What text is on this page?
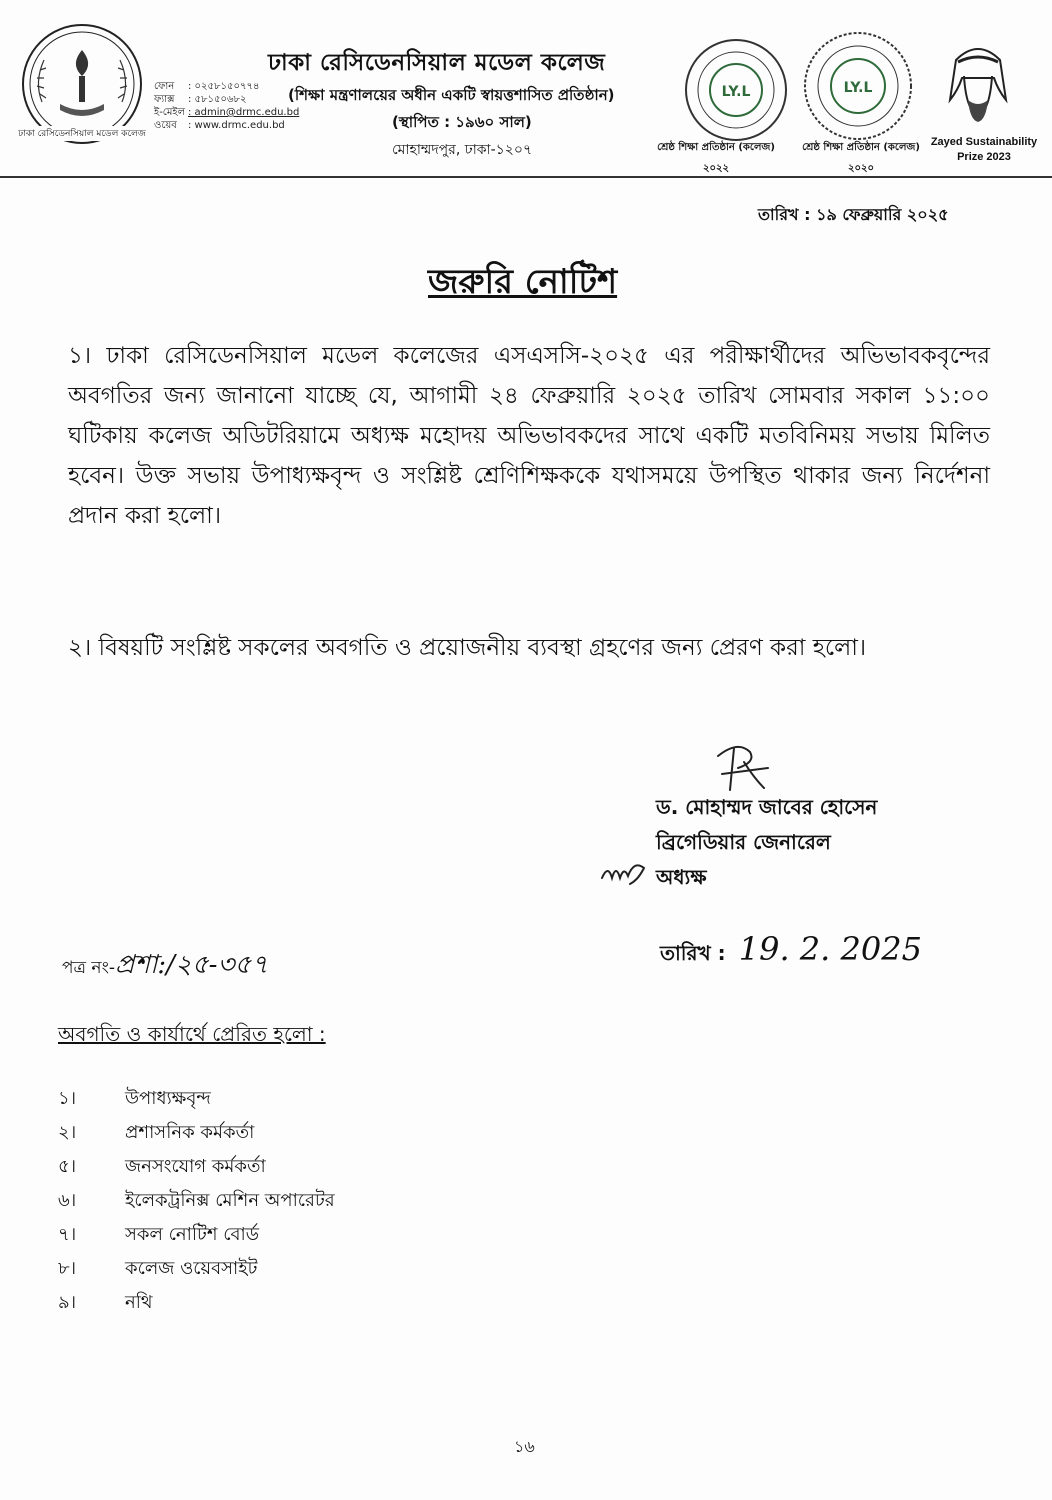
ঢাকা রেসিডেনসিয়াল মডেল কলেজ
ফোন : ০২৫৮১৫০৭৭৪
ফ্যাক্স : ৫৮১৫০৬৮২
ই-মেইল : admin@drmc.edu.bd
ওয়েব : www.drmc.edu.bd
ঢাকা রেসিডেনসিয়াল মডেল কলেজ
(শিক্ষা মন্ত্রণালয়ের অধীন একটি স্বায়ত্তশাসিত প্রতিষ্ঠান)
(স্থাপিত : ১৯৬০ সাল)
মোহাম্মদপুর, ঢাকা-১২০৭
LY.L
শ্রেষ্ঠ শিক্ষা প্রতিষ্ঠান (কলেজ)
২০২২
LY.L
শ্রেষ্ঠ শিক্ষা প্রতিষ্ঠান (কলেজ)
২০২০
Zayed Sustainability
Prize 2023
তারিখ : ১৯ ফেব্রুয়ারি ২০২৫
জরুরি নোটিশ
১। ঢাকা রেসিডেনসিয়াল মডেল কলেজের এসএসসি-২০২৫ এর পরীক্ষার্থীদের অভিভাবকবৃন্দের অবগতির জন্য জানানো যাচ্ছে যে, আগামী ২৪ ফেব্রুয়ারি ২০২৫ তারিখ সোমবার সকাল ১১:০০ ঘটিকায় কলেজ অডিটরিয়ামে অধ্যক্ষ মহোদয় অভিভাবকদের সাথে একটি মতবিনিময় সভায় মিলিত হবেন। উক্ত সভায় উপাধ্যক্ষবৃন্দ ও সংশ্লিষ্ট শ্রেণিশিক্ষককে যথাসময়ে উপস্থিত থাকার জন্য নির্দেশনা প্রদান করা হলো।
২। বিষয়টি সংশ্লিষ্ট সকলের অবগতি ও প্রয়োজনীয় ব্যবস্থা গ্রহণের জন্য প্রেরণ করা হলো।
ড. মোহাম্মদ জাবের হোসেন
ব্রিগেডিয়ার জেনারেল
অধ্যক্ষ
পত্র নং-প্রশা:/২৫-৩৫৭	তারিখ : 19. 2. 2025
অবগতি ও কার্যার্থে প্রেরিত হলো :
১।	উপাধ্যক্ষবৃন্দ
২।	প্রশাসনিক কর্মকর্তা
৫।	জনসংযোগ কর্মকর্তা
৬।	ইলেকট্রনিক্স মেশিন অপারেটর
৭।	সকল নোটিশ বোর্ড
৮।	কলেজ ওয়েবসাইট
৯।	নথি
১৬
